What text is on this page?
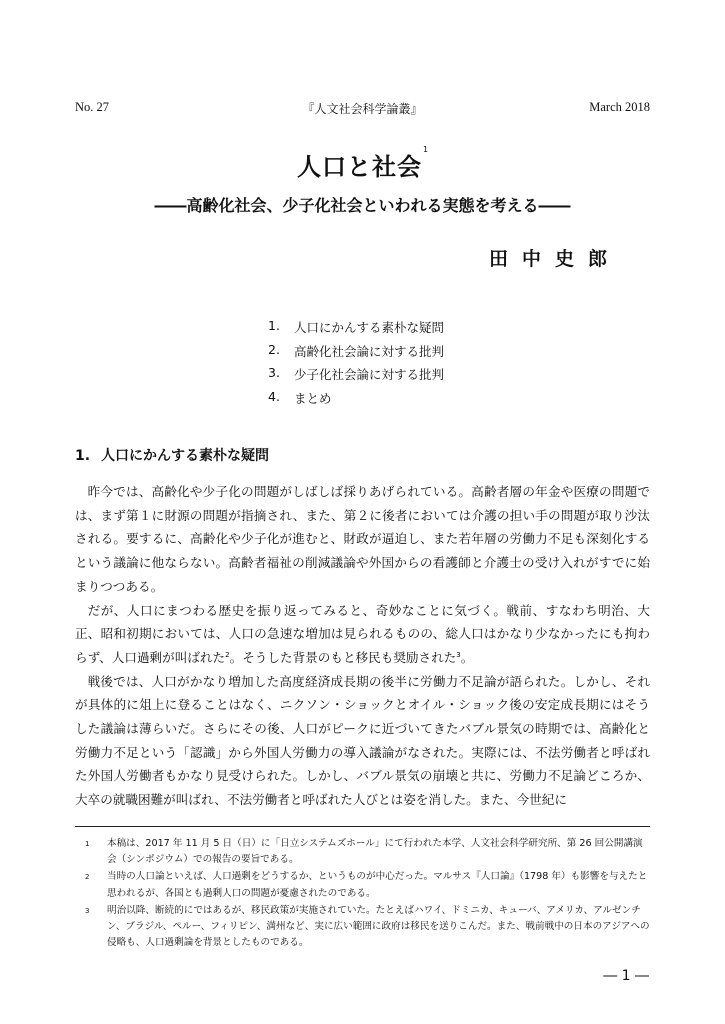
No. 27	『人文社会科学論叢』	March 2018
人口と社会$^1$
――高齢化社会、少子化社会といわれる実態を考える――
田中史郎
1.	人口にかんする素朴な疑問
2.	高齢化社会論に対する批判
3.	少子化社会論に対する批判
4.	まとめ
1. 人口にかんする素朴な疑問

昨今では、高齢化や少子化の問題がしばしば採りあげられている。高齢者層の年金や医療の問題では、まず第１に財源の問題が指摘され、また、第２に後者においては介護の担い手の問題が取り沙汰される。要するに、高齢化や少子化が進むと、財政が逼迫し、また若年層の労働力不足も深刻化するという議論に他ならない。高齢者福祉の削減議論や外国からの看護師と介護士の受け入れがすでに始まりつつある。

だが、人口にまつわる歴史を振り返ってみると、奇妙なことに気づく。戦前、すなわち明治、大正、昭和初期においては、人口の急速な増加は見られるものの、総人口はかなり少なかったにも拘わらず、人口過剰が叫ばれた$^2$。そうした背景のもと移民も奨励された$^3$。

戦後では、人口がかなり増加した高度経済成長期の後半に労働力不足論が語られた。しかし、それが具体的に俎上に登ることはなく、ニクソン・ショックとオイル・ショック後の安定成長期にはそうした議論は薄らいだ。さらにその後、人口がピークに近づいてきたバブル景気の時期では、高齢化と労働力不足という「認識」から外国人労働力の導入議論がなされた。実際には、不法労働者と呼ばれた外国人労働者もかなり見受けられた。しかし、バブル景気の崩壊と共に、労働力不足論どころか、大卒の就職困難が叫ばれ、不法労働者と呼ばれた人びとは姿を消した。また、今世紀に

1	本稿は、2017 年 11 月 5 日（日）に「日立システムズホール」にて行われた本学、人文社会科学研究所、第 26 回公開講演会（シンポジウム）での報告の要旨である。
2	当時の人口論といえば、人口過剰をどうするか、というものが中心だった。マルサス『人口論』（1798 年）も影響を与えたと思われるが、各国とも過剰人口の問題が憂慮されたのである。
3	明治以降、断続的にではあるが、移民政策が実施されていた。たとえばハワイ、ドミニカ、キューバ、アメリカ、アルゼンチン、ブラジル、ペルー、フィリピン、満州など、実に広い範囲に政府は移民を送りこんだ。また、戦前戦中の日本のアジアへの侵略も、人口過剰論を背景としたものである。
― 1 ―
